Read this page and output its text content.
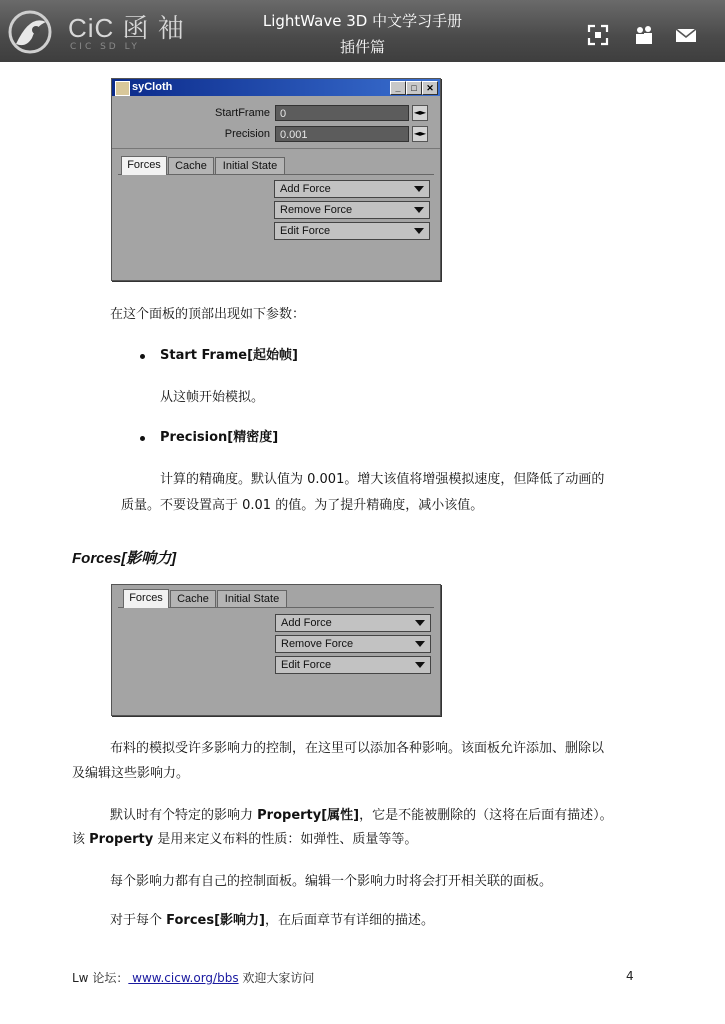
CiC 函 袖
CIC SD LY
LightWave 3D 中文学习手册
插件篇
syCloth	_	□	✕
StartFrame 0	◄►
Precision 0.001	◄►
Forces	Cache	Initial State
Add Force
Remove Force
Edit Force
在这个面板的顶部出现如下参数：
Start Frame[起始帧]
从这帧开始模拟。
Precision[精密度]
计算的精确度。默认值为 0.001。增大该值将增强模拟速度，但降低了动画的
质量。不要设置高于 0.01 的值。为了提升精确度，减小该值。
Forces[影响力]
Forces	Cache	Initial State
Add Force
Remove Force
Edit Force
布料的模拟受许多影响力的控制，在这里可以添加各种影响。该面板允许添加、删除以
及编辑这些影响力。
默认时有个特定的影响力 Property[属性]，它是不能被删除的（这将在后面有描述）。
该 Property 是用来定义布料的性质：如弹性、质量等等。
每个影响力都有自己的控制面板。编辑一个影响力时将会打开相关联的面板。
对于每个 Forces[影响力]，在后面章节有详细的描述。
Lw 论坛： www.cicw.org/bbs 欢迎大家访问	4
